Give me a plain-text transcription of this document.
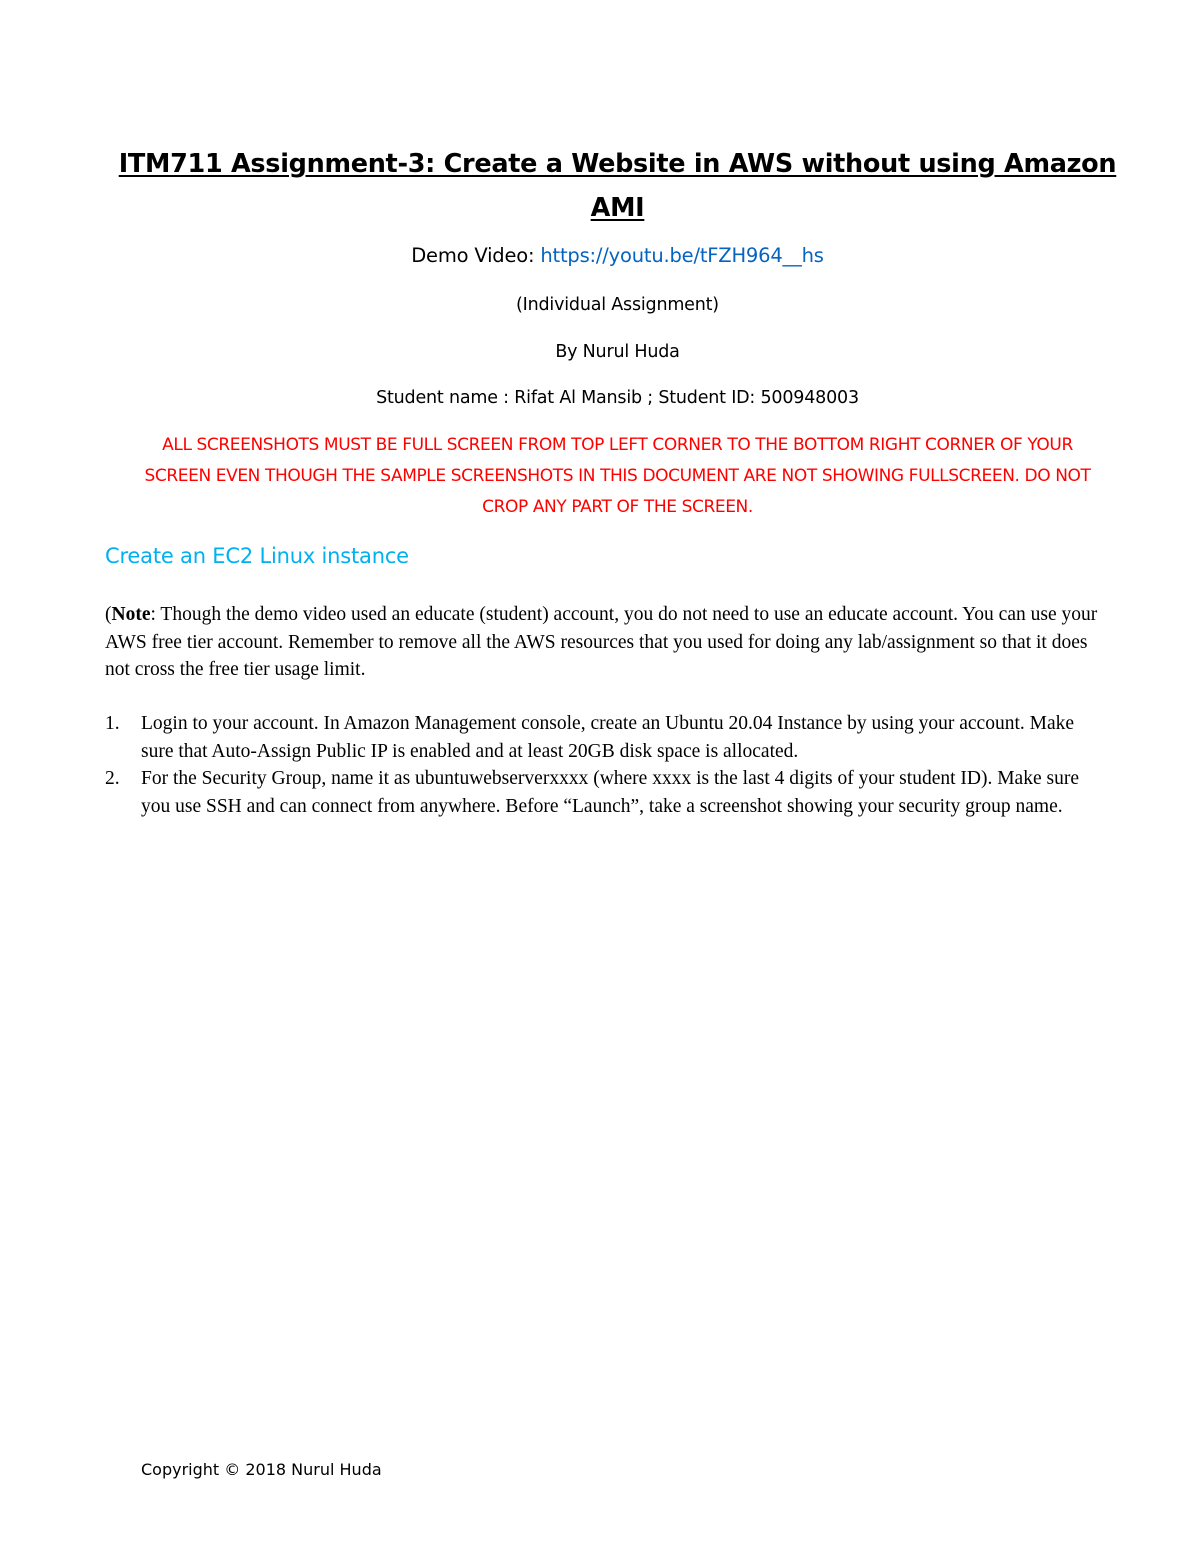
ITM711 Assignment-3: Create a Website in AWS without using Amazon AMI
Demo Video: https://youtu.be/tFZH964__hs
(Individual Assignment)
By Nurul Huda
Student name : Rifat Al Mansib ; Student ID: 500948003
ALL SCREENSHOTS MUST BE FULL SCREEN FROM TOP LEFT CORNER TO THE BOTTOM RIGHT CORNER OF YOUR SCREEN EVEN THOUGH THE SAMPLE SCREENSHOTS IN THIS DOCUMENT ARE NOT SHOWING FULLSCREEN. DO NOT CROP ANY PART OF THE SCREEN.
Create an EC2 Linux instance
(Note: Though the demo video used an educate (student) account, you do not need to use an educate account. You can use your AWS free tier account. Remember to remove all the AWS resources that you used for doing any lab/assignment so that it does not cross the free tier usage limit.
1. Login to your account. In Amazon Management console, create an Ubuntu 20.04 Instance by using your account. Make sure that Auto-Assign Public IP is enabled and at least 20GB disk space is allocated.
2. For the Security Group, name it as ubuntuwebserverxxxx (where xxxx is the last 4 digits of your student ID). Make sure you use SSH and can connect from anywhere. Before “Launch”, take a screenshot showing your security group name.
Copyright © 2018 Nurul Huda
